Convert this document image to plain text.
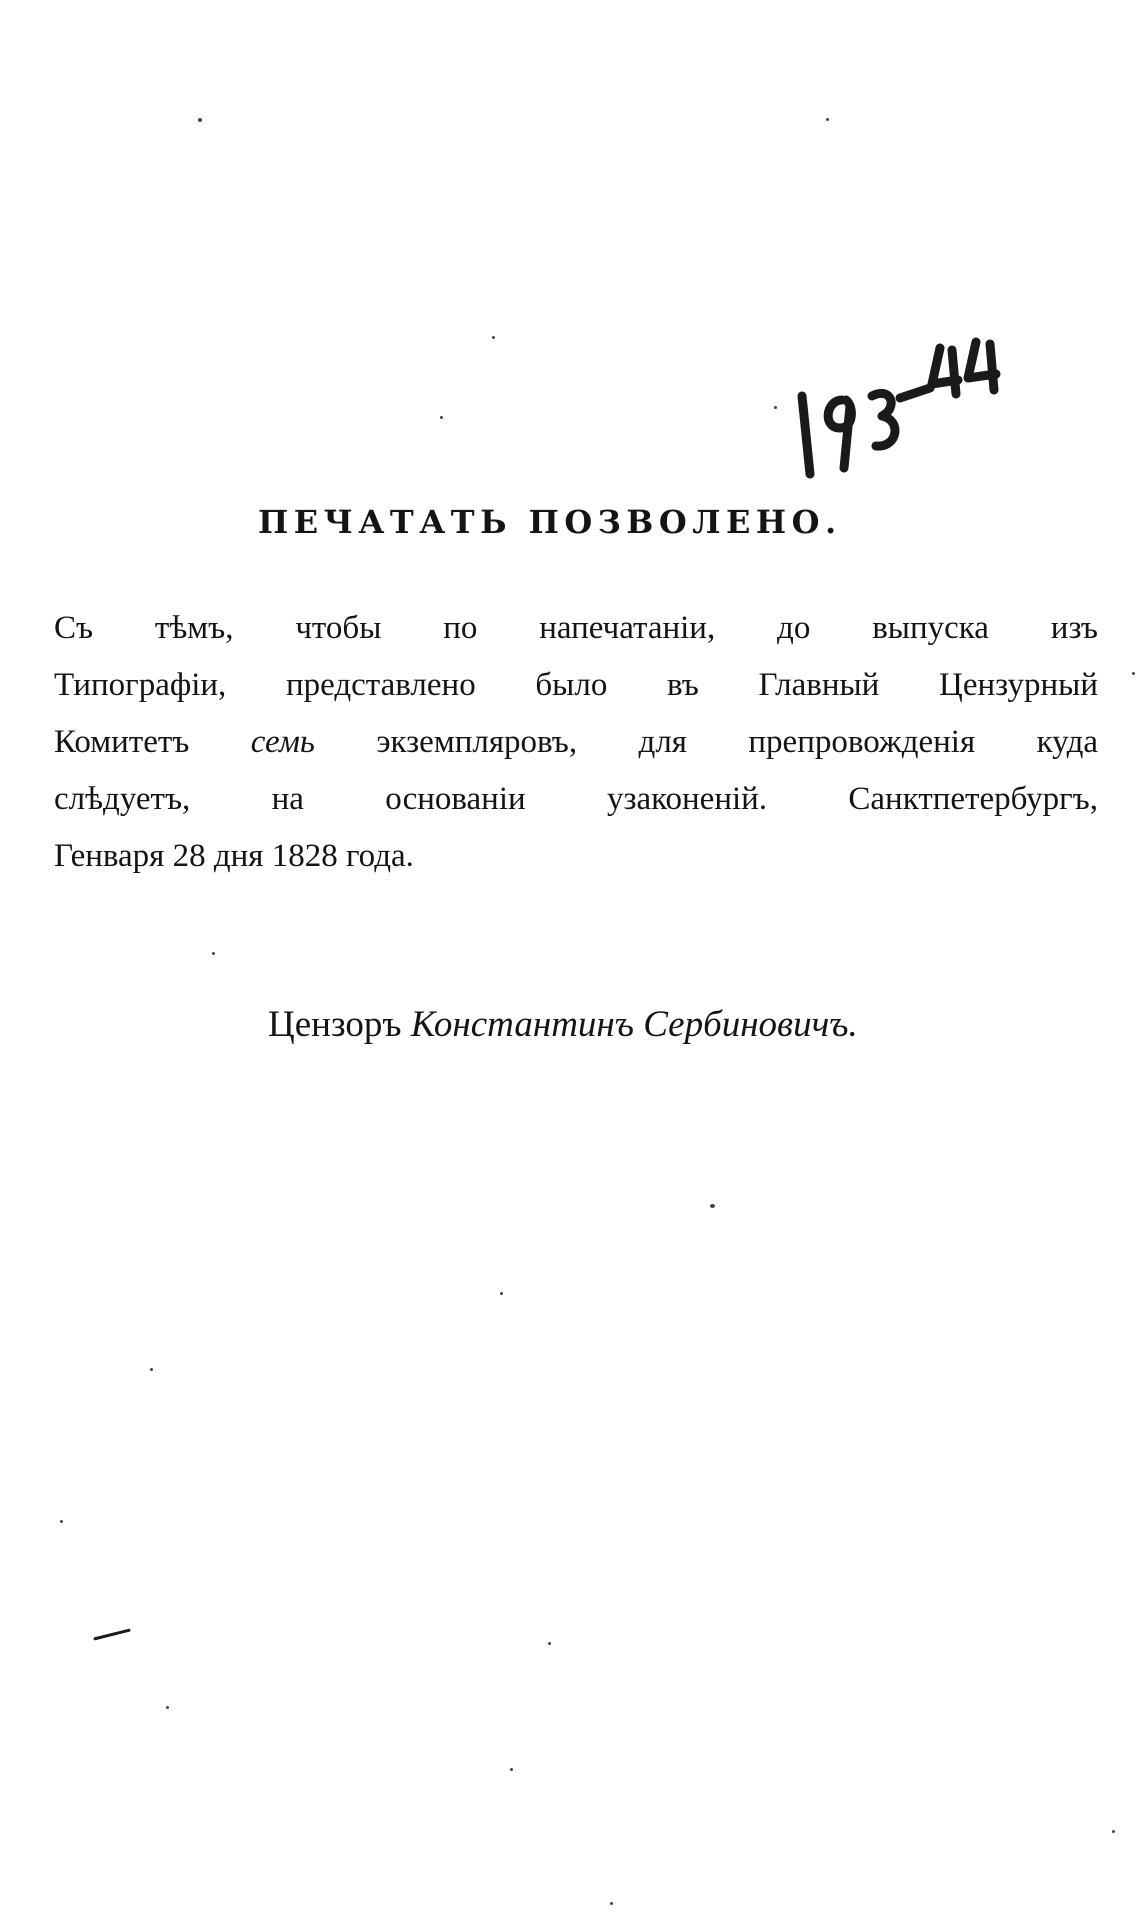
ПЕЧАТАТЬ ПОЗВОЛЕНО.
Съ тѣмъ, чтобы по напечатаніи, до выпуска изъ
Типографіи, представлено было въ Главный Цензурный
Комитетъ семь экземпляровъ, для препровожденія куда
слѣдуетъ, на основаніи узаконеній. Санктпетербургъ,
Генваря 28 дня 1828 года.
Цензоръ Константинъ Сербиновичъ.
